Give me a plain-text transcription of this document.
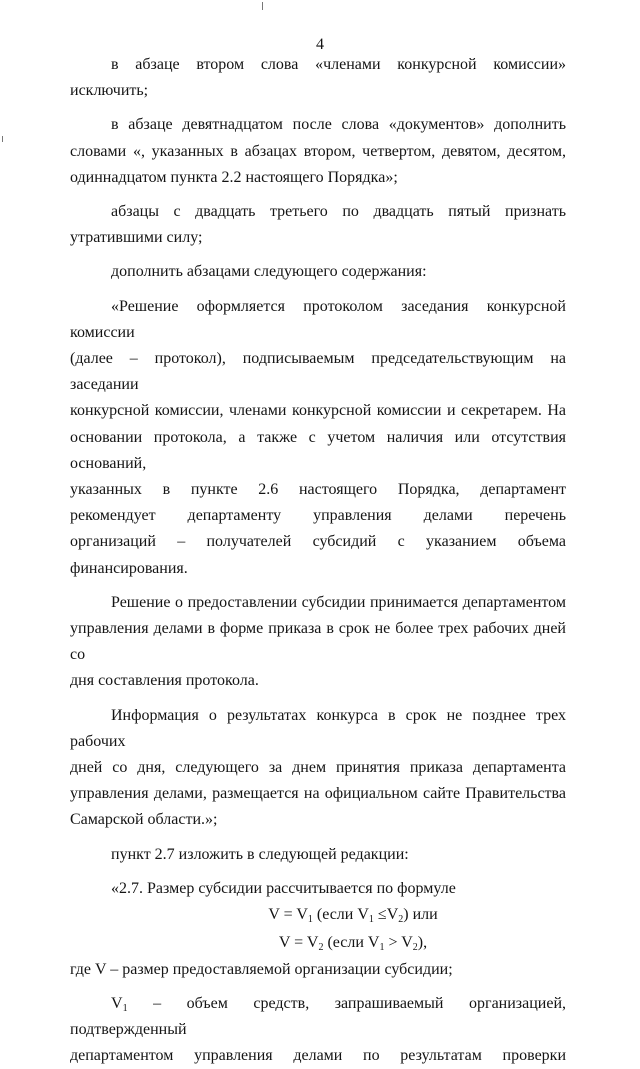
4

в абзаце втором слова «членами конкурсной комиссии»

исключить;

в абзаце девятнадцатом после слова «документов» дополнить

словами «, указанных в абзацах втором, четвертом, девятом, десятом,

одиннадцатом пункта 2.2 настоящего Порядка»;

абзацы с двадцать третьего по двадцать пятый признать

утратившими силу;

дополнить абзацами следующего содержания:

«Решение оформляется протоколом заседания конкурсной комиссии

(далее – протокол), подписываемым председательствующим на заседании

конкурсной комиссии, членами конкурсной комиссии и секретарем. На

основании протокола, а также с учетом наличия или отсутствия оснований,

указанных в пункте 2.6 настоящего Порядка, департамент

рекомендует департаменту управления делами перечень

организаций – получателей субсидий с указанием объема финансирования.

Решение о предоставлении субсидии принимается департаментом

управления делами в форме приказа в срок не более трех рабочих дней со

дня составления протокола.

Информация о результатах конкурса в срок не позднее трех рабочих

дней со дня, следующего за днем принятия приказа департамента

управления делами, размещается на официальном сайте Правительства

Самарской области.»;

пункт 2.7 изложить в следующей редакции:

«2.7. Размер субсидии рассчитывается по формуле

$V = V_1$ (если $V_1 \le V_2$) или

$V = V_2$ (если $V_1 > V_2$),

где V – размер предоставляемой организации субсидии;

$V_1$ – объем средств, запрашиваемый организацией, подтвержденный

департаментом управления делами по результатам проверки
